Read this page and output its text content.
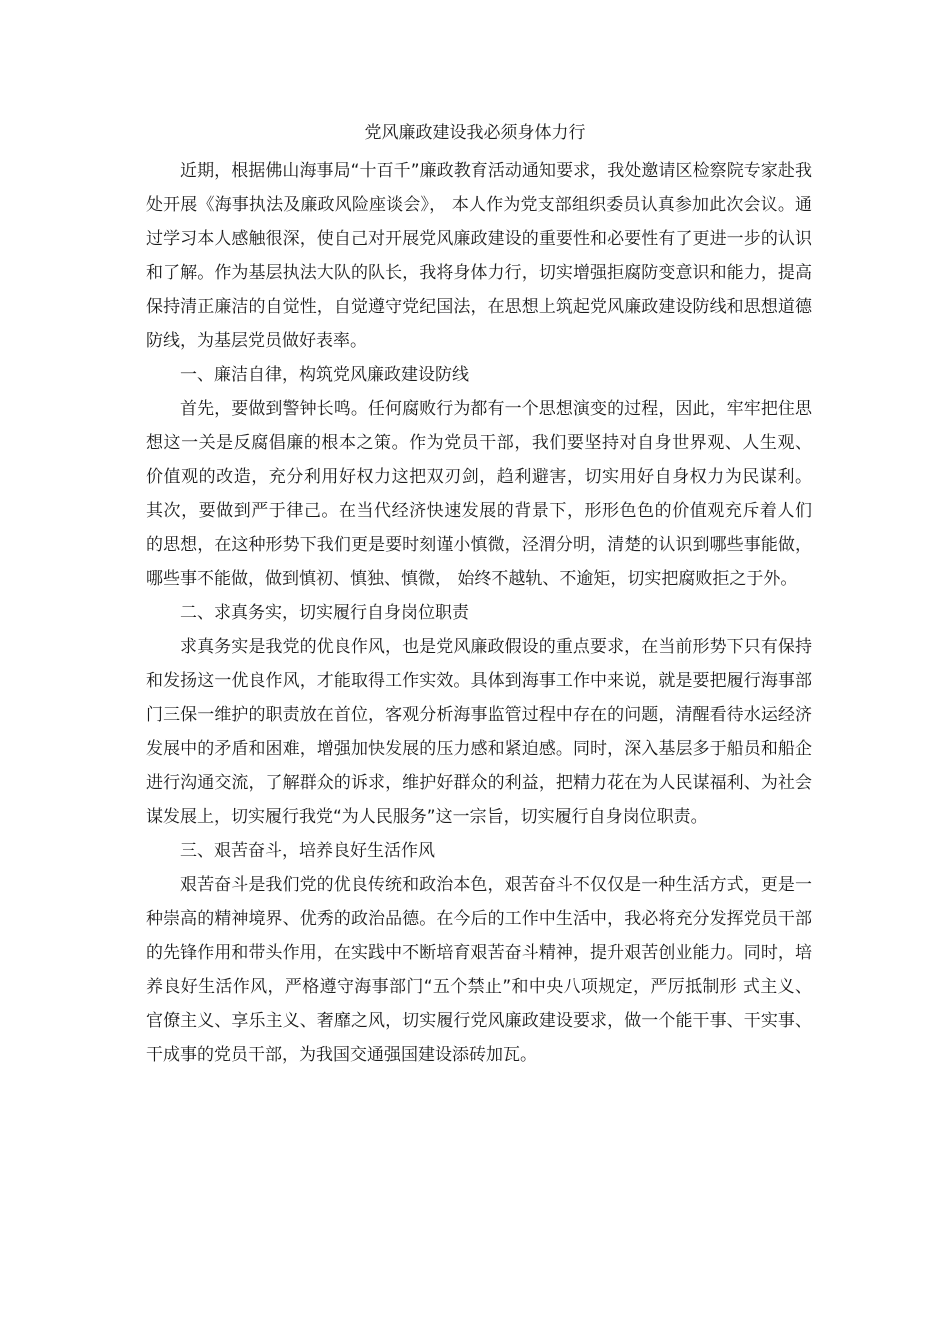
党风廉政建设我必须身体力行

近期，根据佛山海事局“十百千”廉政教育活动通知要求，我处邀请区检察院专家赴我处开展《海事执法及廉政风险座谈会》， 本人作为党支部组织委员认真参加此次会议。通过学习本人感触很深，使自己对开展党风廉政建设的重要性和必要性有了更进一步的认识和了解。作为基层执法大队的队长，我将身体力行，切实增强拒腐防变意识和能力，提高保持清正廉洁的自觉性，自觉遵守党纪国法，在思想上筑起党风廉政建设防线和思想道德防线，为基层党员做好表率。

一、廉洁自律，构筑党风廉政建设防线

首先，要做到警钟长鸣。任何腐败行为都有一个思想演变的过程，因此，牢牢把住思想这一关是反腐倡廉的根本之策。作为党员干部，我们要坚持对自身世界观、人生观、 价值观的改造，充分利用好权力这把双刃剑，趋利避害，切实用好自身权力为民谋利。 其次，要做到严于律己。在当代经济快速发展的背景下，形形色色的价值观充斥着人们 的思想，在这种形势下我们更是要时刻谨小慎微，泾渭分明，清楚的认识到哪些事能做， 哪些事不能做，做到慎初、慎独、慎微， 始终不越轨、不逾矩，切实把腐败拒之于外。

二、求真务实，切实履行自身岗位职责

求真务实是我党的优良作风，也是党风廉政假设的重点要求，在当前形势下只有保持和发扬这一优良作风，才能取得工作实效。具体到海事工作中来说，就是要把履行海事部门三保一维护的职责放在首位，客观分析海事监管过程中存在的问题，清醒看待水运经济发展中的矛盾和困难，增强加快发展的压力感和紧迫感。同时，深入基层多于船员和船企进行沟通交流，了解群众的诉求，维护好群众的利益，把精力花在为人民谋福利、为社会谋发展上，切实履行我党“为人民服务”这一宗旨，切实履行自身岗位职责。

三、艰苦奋斗，培养良好生活作风

艰苦奋斗是我们党的优良传统和政治本色，艰苦奋斗不仅仅是一种生活方式，更是一种崇高的精神境界、优秀的政治品德。在今后的工作中生活中，我必将充分发挥党员干部的先锋作用和带头作用，在实践中不断培育艰苦奋斗精神，提升艰苦创业能力。同时，培养良好生活作风，严格遵守海事部门“五个禁止”和中央八项规定，严厉抵制形 式主义、官僚主义、享乐主义、奢靡之风，切实履行党风廉政建设要求，做一个能干事、干实事、干成事的党员干部，为我国交通强国建设添砖加瓦。
